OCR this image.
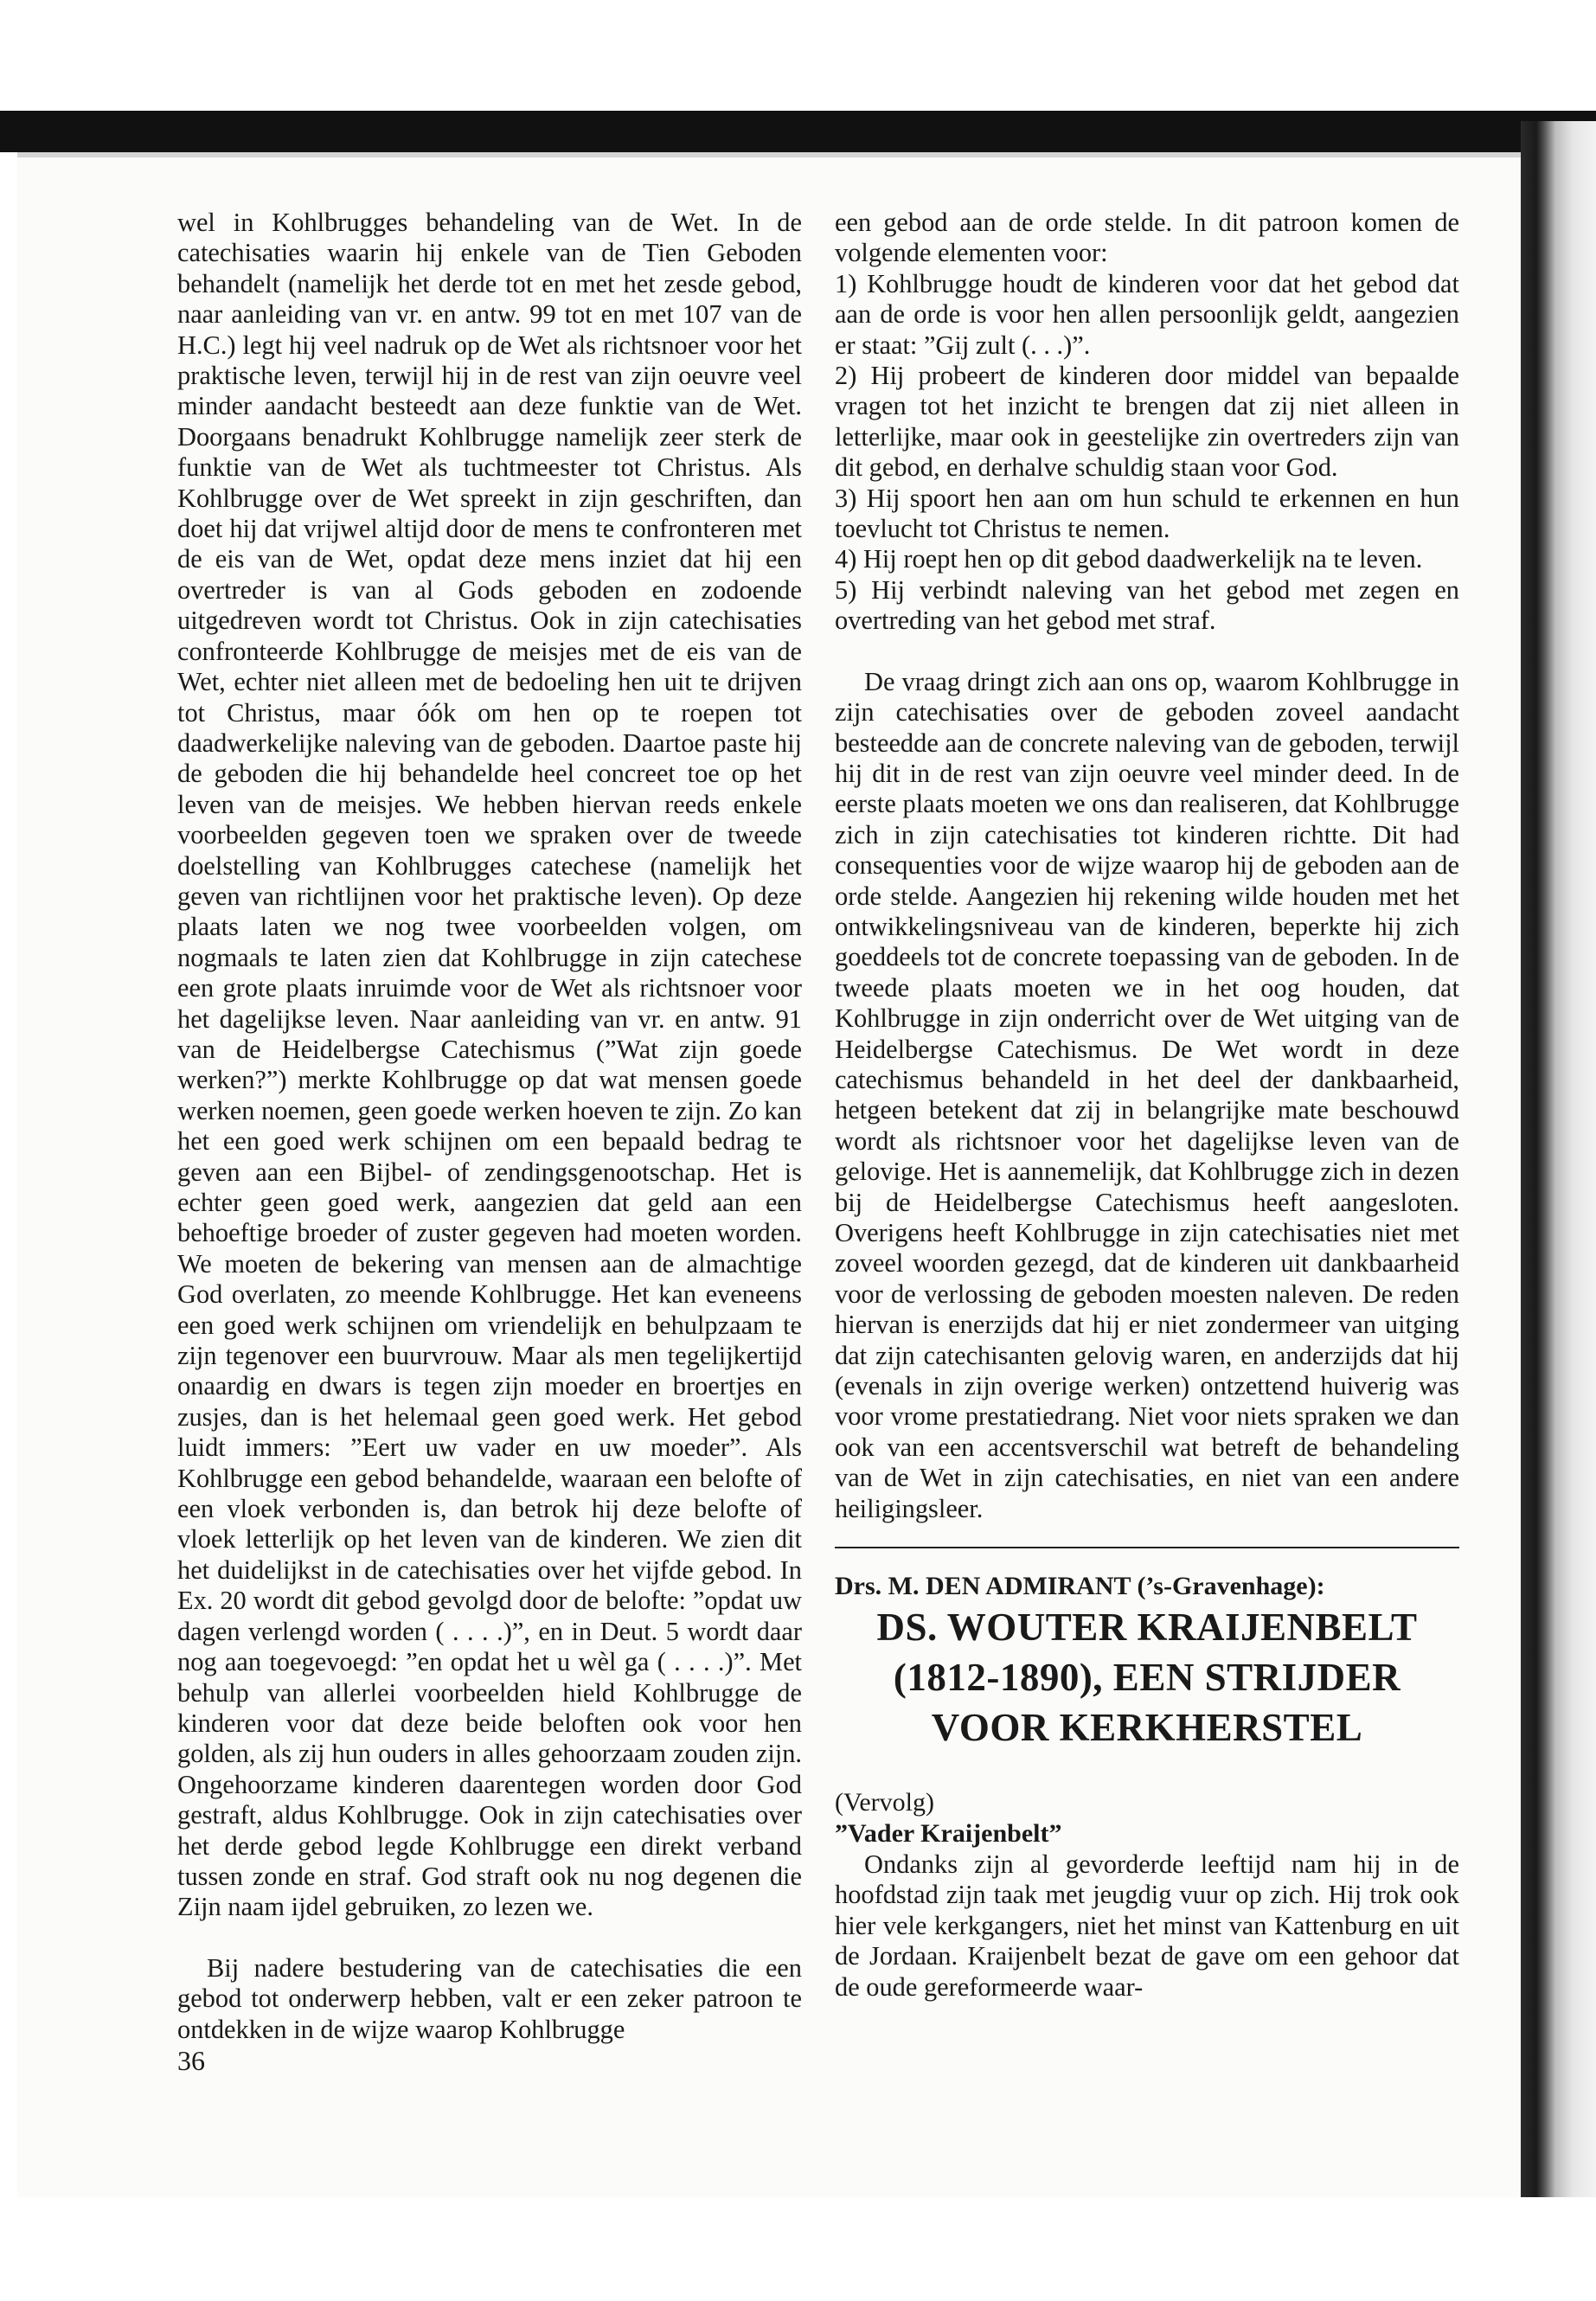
wel in Kohlbrugges behandeling van de Wet. In de catechisaties waarin hij enkele van de Tien Geboden behandelt (namelijk het derde tot en met het zesde gebod, naar aanleiding van vr. en antw. 99 tot en met 107 van de H.C.) legt hij veel nadruk op de Wet als richtsnoer voor het praktische leven, terwijl hij in de rest van zijn oeuvre veel minder aandacht besteedt aan deze funktie van de Wet. Doorgaans benadrukt Kohlbrugge namelijk zeer sterk de funktie van de Wet als tuchtmeester tot Christus. Als Kohlbrugge over de Wet spreekt in zijn geschriften, dan doet hij dat vrijwel altijd door de mens te confronteren met de eis van de Wet, opdat deze mens inziet dat hij een overtreder is van al Gods geboden en zodoende uitgedreven wordt tot Christus. Ook in zijn catechisaties confronteerde Kohlbrugge de meisjes met de eis van de Wet, echter niet alleen met de bedoeling hen uit te drijven tot Christus, maar óók om hen op te roepen tot daadwerkelijke naleving van de geboden. Daartoe paste hij de geboden die hij behandelde heel concreet toe op het leven van de meisjes. We hebben hiervan reeds enkele voorbeelden gegeven toen we spraken over de tweede doelstelling van Kohlbrugges catechese (namelijk het geven van richtlijnen voor het praktische leven). Op deze plaats laten we nog twee voorbeelden volgen, om nogmaals te laten zien dat Kohlbrugge in zijn catechese een grote plaats inruimde voor de Wet als richtsnoer voor het dagelijkse leven. Naar aanleiding van vr. en antw. 91 van de Heidelbergse Catechismus (”Wat zijn goede werken?”) merkte Kohlbrugge op dat wat mensen goede werken noemen, geen goede werken hoeven te zijn. Zo kan het een goed werk schijnen om een bepaald bedrag te geven aan een Bijbel- of zendingsgenootschap. Het is echter geen goed werk, aangezien dat geld aan een behoeftige broeder of zuster gegeven had moeten worden. We moeten de bekering van mensen aan de almachtige God overlaten, zo meende Kohlbrugge. Het kan eveneens een goed werk schijnen om vriendelijk en behulpzaam te zijn tegenover een buurvrouw. Maar als men tegelijkertijd onaardig en dwars is tegen zijn moeder en broertjes en zusjes, dan is het helemaal geen goed werk. Het gebod luidt immers: ”Eert uw vader en uw moeder”. Als Kohlbrugge een gebod behandelde, waaraan een belofte of een vloek verbonden is, dan betrok hij deze belofte of vloek letterlijk op het leven van de kinderen. We zien dit het duidelijkst in de catechisaties over het vijfde gebod. In Ex. 20 wordt dit gebod gevolgd door de belofte: ”opdat uw dagen verlengd worden ( . . . .)”, en in Deut. 5 wordt daar nog aan toegevoegd: ”en opdat het u wèl ga ( . . . .)”. Met behulp van allerlei voorbeelden hield Kohlbrugge de kinderen voor dat deze beide beloften ook voor hen golden, als zij hun ouders in alles gehoorzaam zouden zijn. Ongehoorzame kinderen daarentegen worden door God gestraft, aldus Kohlbrugge. Ook in zijn catechisaties over het derde gebod legde Kohlbrugge een direkt verband tussen zonde en straf. God straft ook nu nog degenen die Zijn naam ijdel gebruiken, zo lezen we.

Bij nadere bestudering van de catechisaties die een gebod tot onderwerp hebben, valt er een zeker patroon te ontdekken in de wijze waarop Kohlbrugge

een gebod aan de orde stelde. In dit patroon komen de volgende elementen voor:

1) Kohlbrugge houdt de kinderen voor dat het gebod dat aan de orde is voor hen allen persoonlijk geldt, aangezien er staat: ”Gij zult (. . .)”.

2) Hij probeert de kinderen door middel van bepaalde vragen tot het inzicht te brengen dat zij niet alleen in letterlijke, maar ook in geestelijke zin overtreders zijn van dit gebod, en derhalve schuldig staan voor God.

3) Hij spoort hen aan om hun schuld te erkennen en hun toevlucht tot Christus te nemen.

4) Hij roept hen op dit gebod daadwerkelijk na te leven.

5) Hij verbindt naleving van het gebod met zegen en overtreding van het gebod met straf.

De vraag dringt zich aan ons op, waarom Kohlbrugge in zijn catechisaties over de geboden zoveel aandacht besteedde aan de concrete naleving van de geboden, terwijl hij dit in de rest van zijn oeuvre veel minder deed. In de eerste plaats moeten we ons dan realiseren, dat Kohlbrugge zich in zijn catechisaties tot kinderen richtte. Dit had consequenties voor de wijze waarop hij de geboden aan de orde stelde. Aangezien hij rekening wilde houden met het ontwikkelingsniveau van de kinderen, beperkte hij zich goeddeels tot de concrete toepassing van de geboden. In de tweede plaats moeten we in het oog houden, dat Kohlbrugge in zijn onderricht over de Wet uitging van de Heidelbergse Catechismus. De Wet wordt in deze catechismus behandeld in het deel der dankbaarheid, hetgeen betekent dat zij in belangrijke mate beschouwd wordt als richtsnoer voor het dagelijkse leven van de gelovige. Het is aannemelijk, dat Kohlbrugge zich in dezen bij de Heidelbergse Catechismus heeft aangesloten. Overigens heeft Kohlbrugge in zijn catechisaties niet met zoveel woorden gezegd, dat de kinderen uit dankbaarheid voor de verlossing de geboden moesten naleven. De reden hiervan is enerzijds dat hij er niet zondermeer van uitging dat zijn catechisanten gelovig waren, en anderzijds dat hij (evenals in zijn overige werken) ontzettend huiverig was voor vrome prestatiedrang. Niet voor niets spraken we dan ook van een accentsverschil wat betreft de behandeling van de Wet in zijn catechisaties, en niet van een andere heiligingsleer.

Drs. M. DEN ADMIRANT (’s-Gravenhage):

DS. WOUTER KRAIJENBELT
(1812-1890), EEN STRIJDER
VOOR KERKHERSTEL

(Vervolg)

”Vader Kraijenbelt”

Ondanks zijn al gevorderde leeftijd nam hij in de hoofdstad zijn taak met jeugdig vuur op zich. Hij trok ook hier vele kerkgangers, niet het minst van Kattenburg en uit de Jordaan. Kraijenbelt bezat de gave om een gehoor dat de oude gereformeerde waar-

36
